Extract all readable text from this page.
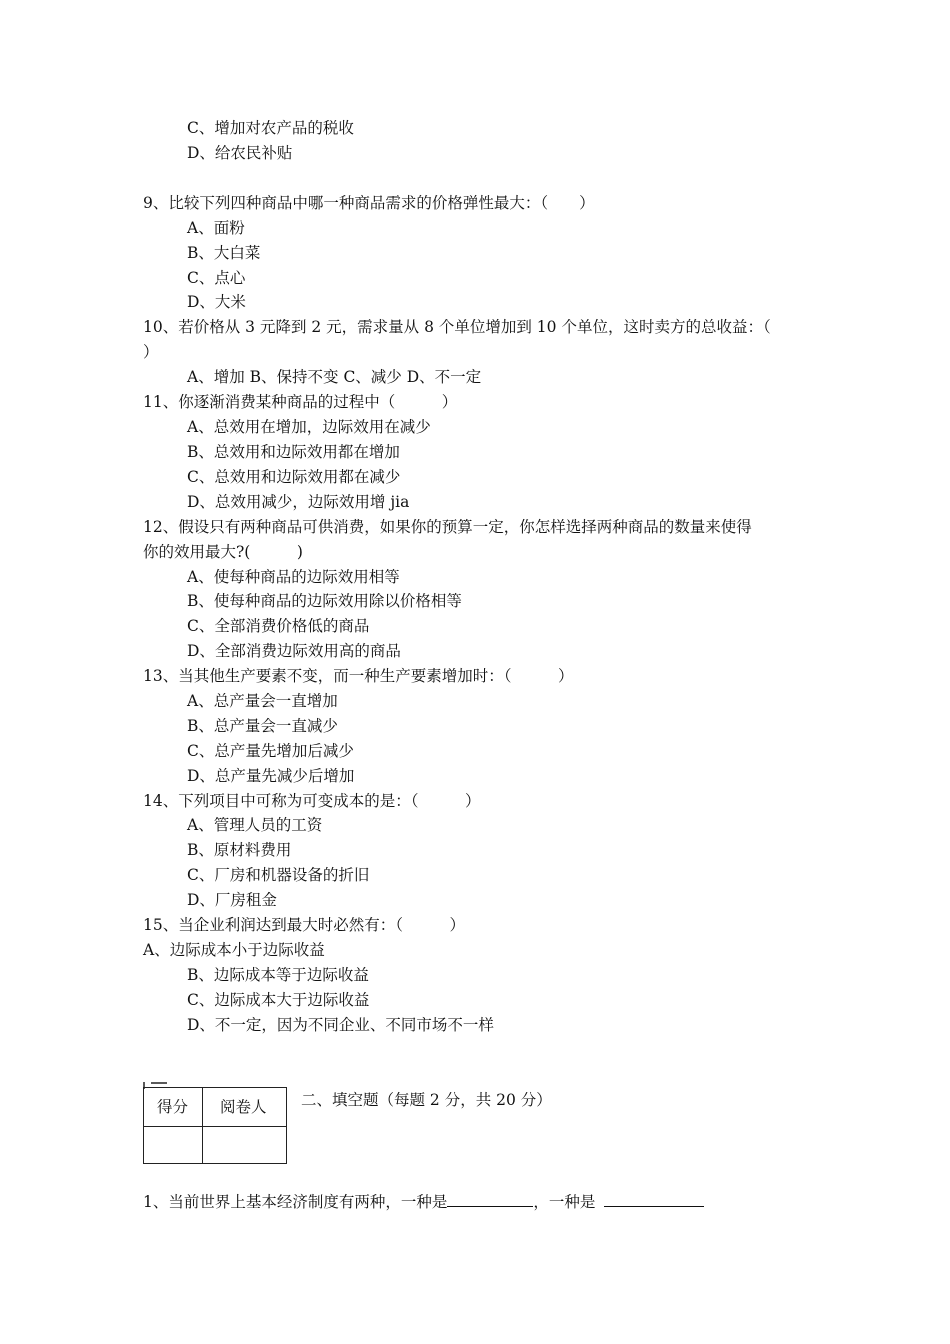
C、增加对农产品的税收
D、给农民补贴
9、比较下列四种商品中哪一种商品需求的价格弹性最大：（　　）
A、面粉
B、大白菜
C、点心
D、大米
10、若价格从 3 元降到 2 元，需求量从 8 个单位增加到 10 个单位，这时卖方的总收益：（
）
A、增加 B、保持不变 C、减少 D、不一定
11、你逐渐消费某种商品的过程中（　　　）
A、总效用在增加，边际效用在减少
B、总效用和边际效用都在增加
C、总效用和边际效用都在减少
D、总效用减少，边际效用增 jia
12、假设只有两种商品可供消费，如果你的预算一定，你怎样选择两种商品的数量来使得
你的效用最大?(　　　)
A、使每种商品的边际效用相等
B、使每种商品的边际效用除以价格相等
C、全部消费价格低的商品
D、全部消费边际效用高的商品
13、当其他生产要素不变，而一种生产要素增加时：（　　　）
A、总产量会一直增加
B、总产量会一直减少
C、总产量先增加后减少
D、总产量先减少后增加
14、下列项目中可称为可变成本的是：（　　　）
A、管理人员的工资
B、原材料费用
C、厂房和机器设备的折旧
D、厂房租金
15、当企业利润达到最大时必然有：（　　　）
A、边际成本小于边际收益
B、边际成本等于边际收益
C、边际成本大于边际收益
D、不一定，因为不同企业、不同市场不一样
得分 阅卷人 二、填空题（每题 2 分，共 20 分）
1、当前世界上基本经济制度有两种，一种是	，一种是
